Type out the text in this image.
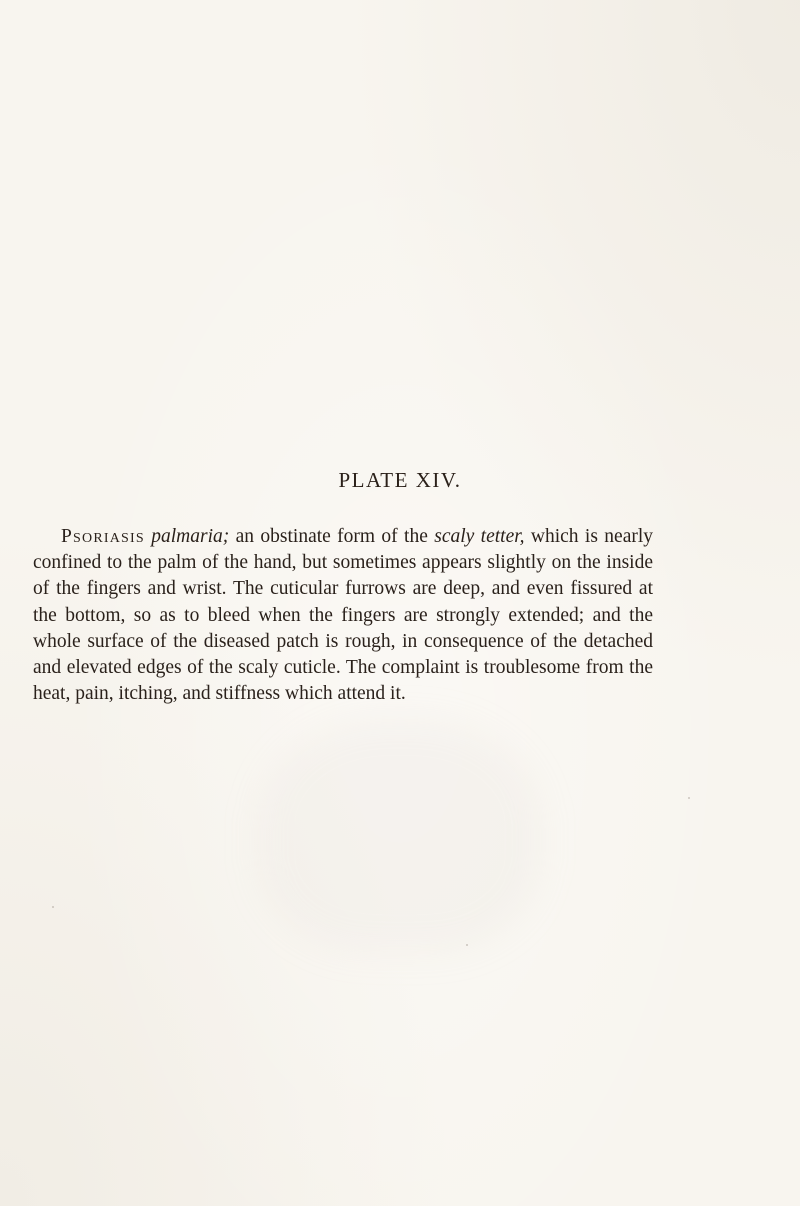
PLATE XIV.

Psoriasis palmaria; an obstinate form of the scaly tetter, which is nearly confined to the palm of the hand, but sometimes appears slightly on the inside of the fingers and wrist. The cuticular furrows are deep, and even fissured at the bottom, so as to bleed when the fingers are strongly extended; and the whole surface of the diseased patch is rough, in consequence of the detached and elevated edges of the scaly cuticle. The complaint is troublesome from the heat, pain, itching, and stiffness which attend it.
